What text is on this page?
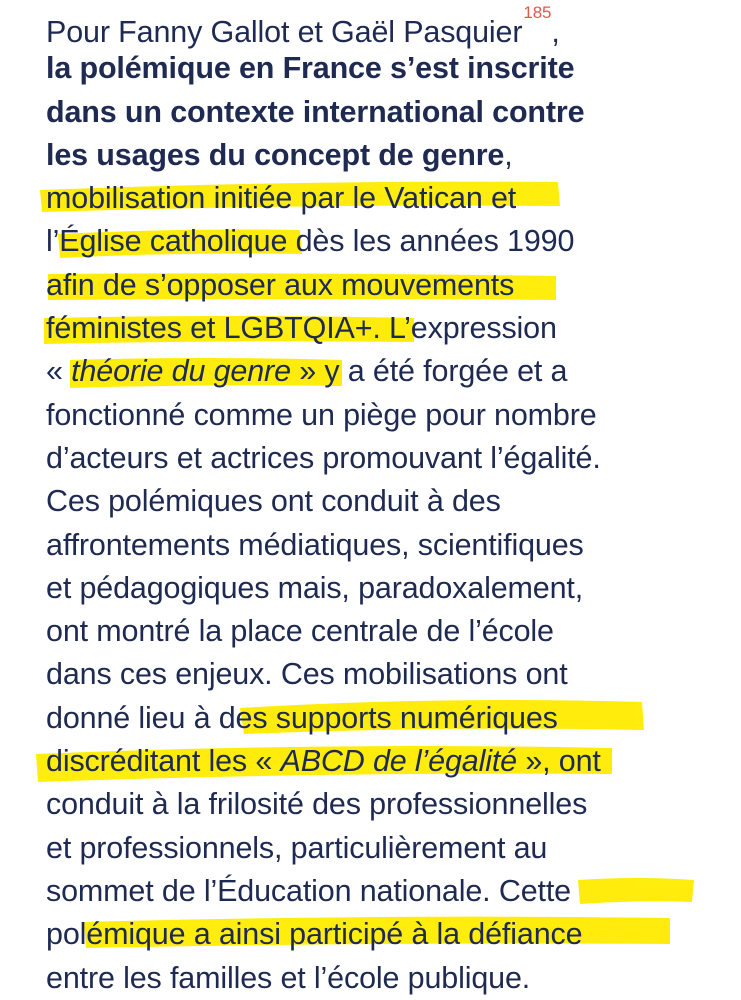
Pour Fanny Gallot et Gaël Pasquier$^{185}$,
la polémique en France s’est inscrite
dans un contexte international contre
les usages du concept de genre,
mobilisation initiée par le Vatican et
l’Église catholique dès les années 1990
afin de s’opposer aux mouvements
féministes et LGBTQIA+. L’expression
« théorie du genre » y a été forgée et a
fonctionné comme un piège pour nombre
d’acteurs et actrices promouvant l’égalité.
Ces polémiques ont conduit à des
affrontements médiatiques, scientifiques
et pédagogiques mais, paradoxalement,
ont montré la place centrale de l’école
dans ces enjeux. Ces mobilisations ont
donné lieu à des supports numériques
discréditant les « ABCD de l’égalité », ont
conduit à la frilosité des professionnelles
et professionnels, particulièrement au
sommet de l’Éducation nationale. Cette
polémique a ainsi participé à la défiance
entre les familles et l’école publique.
